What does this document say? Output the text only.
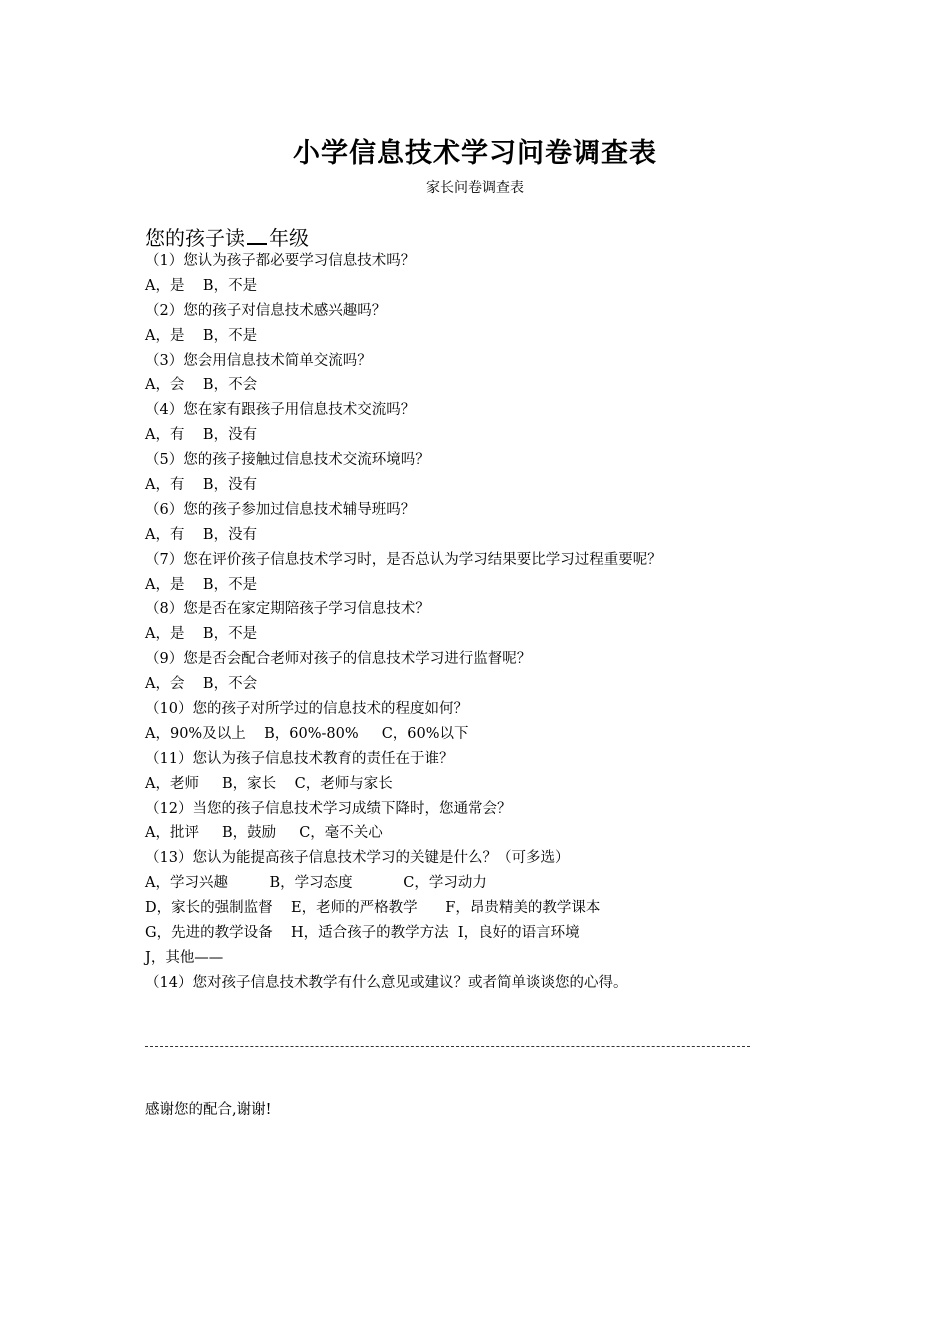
小学信息技术学习问卷调查表
家长问卷调查表
您的孩子读 年级
（1）您认为孩子都必要学习信息技术吗？
A，是    B，不是
（2）您的孩子对信息技术感兴趣吗？
A，是    B，不是
（3）您会用信息技术简单交流吗？
A，会    B，不会
（4）您在家有跟孩子用信息技术交流吗？
A，有    B，没有
（5）您的孩子接触过信息技术交流环境吗？
A，有    B，没有
（6）您的孩子参加过信息技术辅导班吗？
A，有    B，没有
（7）您在评价孩子信息技术学习时，是否总认为学习结果要比学习过程重要呢？
A，是    B，不是
（8）您是否在家定期陪孩子学习信息技术？
A，是    B，不是
（9）您是否会配合老师对孩子的信息技术学习进行监督呢？
A，会    B，不会
（10）您的孩子对所学过的信息技术的程度如何？
A，90%及以上    B，60%-80%     C，60%以下
（11）您认为孩子信息技术教育的责任在于谁？
A，老师     B，家长    C，老师与家长
（12）当您的孩子信息技术学习成绩下降时，您通常会？
A，批评     B，鼓励     C，毫不关心
（13）您认为能提高孩子信息技术学习的关键是什么？（可多选）
A，学习兴趣         B，学习态度           C，学习动力
D，家长的强制监督    E，老师的严格教学      F，昂贵精美的教学课本
G，先进的教学设备    H，适合孩子的教学方法  I，良好的语言环境
J，其他——
（14）您对孩子信息技术教学有什么意见或建议？或者简单谈谈您的心得。
感谢您的配合,谢谢!
